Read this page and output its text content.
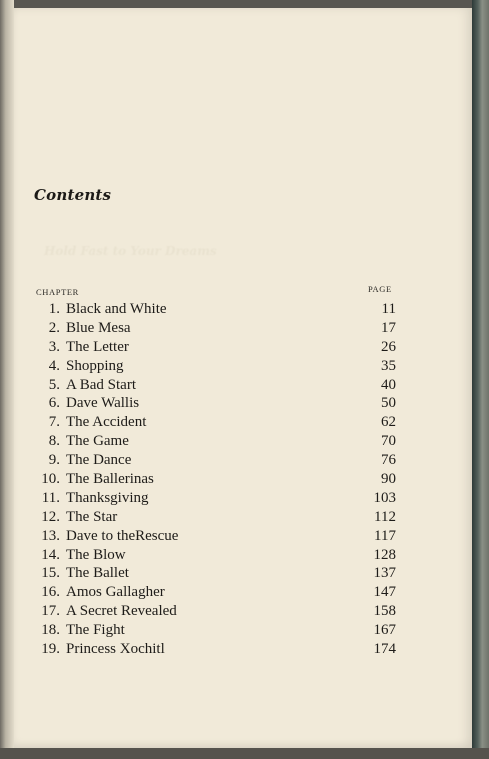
Contents
Hold Fast to Your Dreams
CHAPTER	PAGE
1. Black and White	11
2. Blue Mesa	17
3. The Letter	26
4. Shopping	35
5. A Bad Start	40
6. Dave Wallis	50
7. The Accident	62
8. The Game	70
9. The Dance	76
10. The Ballerinas	90
11. Thanksgiving	103
12. The Star	112
13. Dave to theRescue	117
14. The Blow	128
15. The Ballet	137
16. Amos Gallagher	147
17. A Secret Revealed	158
18. The Fight	167
19. Princess Xochitl	174
